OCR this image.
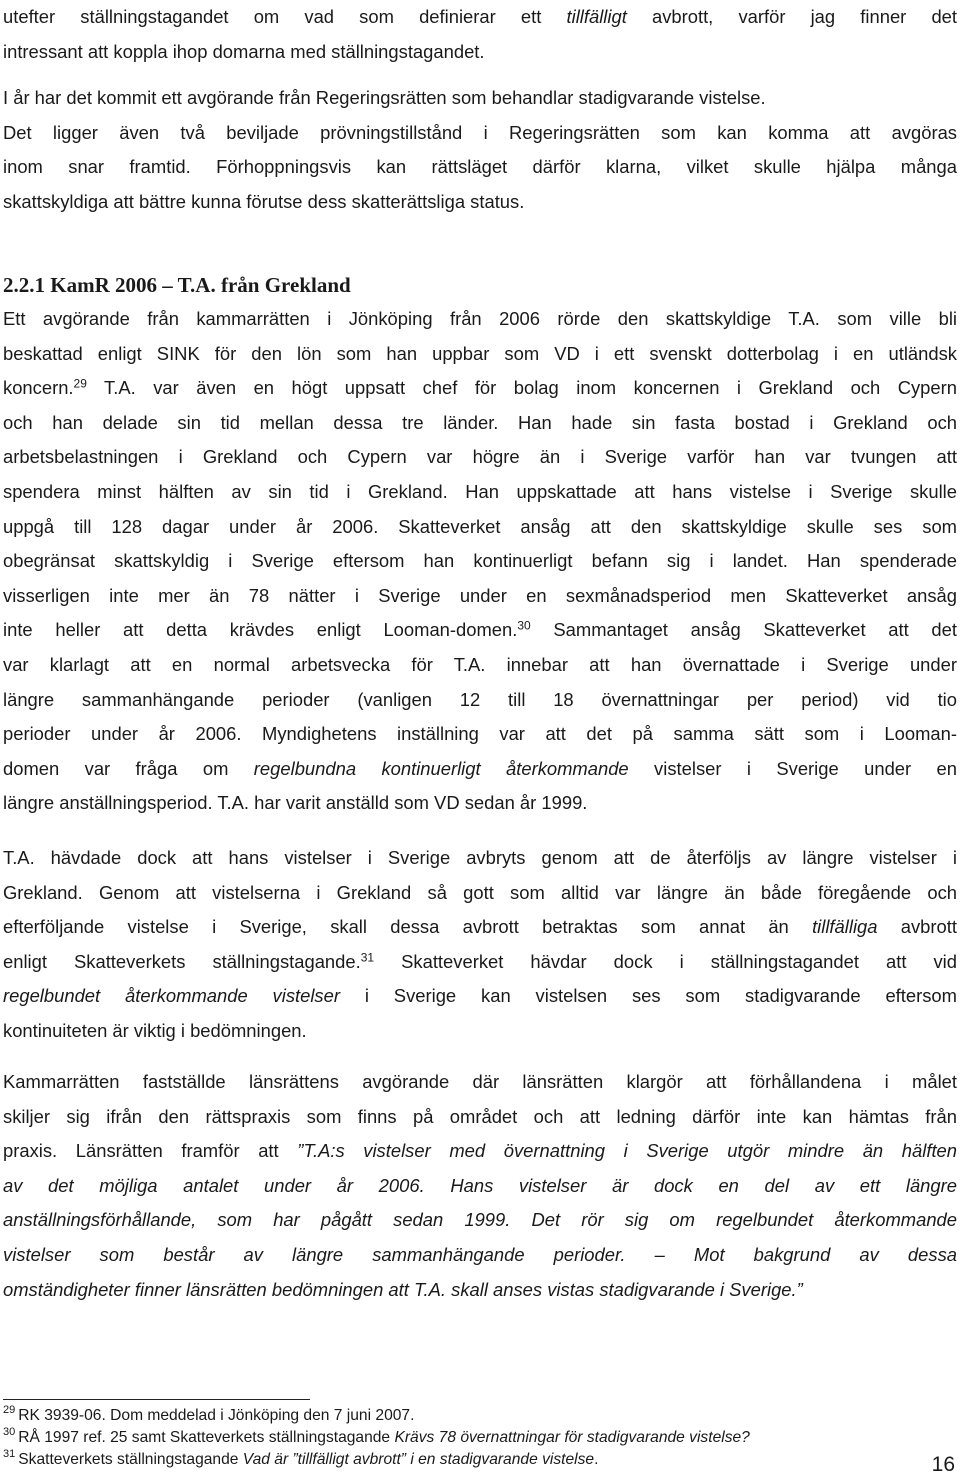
utefter ställningstagandet om vad som definierar ett tillfälligt avbrott, varför jag finner det
intressant att koppla ihop domarna med ställningstagandet.
I år har det kommit ett avgörande från Regeringsrätten som behandlar stadigvarande vistelse.
Det ligger även två beviljade prövningstillstånd i Regeringsrätten som kan komma att avgöras
inom snar framtid. Förhoppningsvis kan rättsläget därför klarna, vilket skulle hjälpa många
skattskyldiga att bättre kunna förutse dess skatterättsliga status.
2.2.1 KamR 2006 – T.A. från Grekland
Ett avgörande från kammarrätten i Jönköping från 2006 rörde den skattskyldige T.A. som ville bli
beskattad enligt SINK för den lön som han uppbar som VD i ett svenskt dotterbolag i en utländsk
koncern.$^{29}$ T.A. var även en högt uppsatt chef för bolag inom koncernen i Grekland och Cypern
och han delade sin tid mellan dessa tre länder. Han hade sin fasta bostad i Grekland och
arbetsbelastningen i Grekland och Cypern var högre än i Sverige varför han var tvungen att
spendera minst hälften av sin tid i Grekland. Han uppskattade att hans vistelse i Sverige skulle
uppgå till 128 dagar under år 2006. Skatteverket ansåg att den skattskyldige skulle ses som
obegränsat skattskyldig i Sverige eftersom han kontinuerligt befann sig i landet. Han spenderade
visserligen inte mer än 78 nätter i Sverige under en sexmånadsperiod men Skatteverket ansåg
inte heller att detta krävdes enligt Looman-domen.$^{30}$ Sammantaget ansåg Skatteverket att det
var klarlagt att en normal arbetsvecka för T.A. innebar att han övernattade i Sverige under
längre sammanhängande perioder (vanligen 12 till 18 övernattningar per period) vid tio
perioder under år 2006. Myndighetens inställning var att det på samma sätt som i Looman-
domen var fråga om regelbundna kontinuerligt återkommande vistelser i Sverige under en
längre anställningsperiod. T.A. har varit anställd som VD sedan år 1999.
T.A. hävdade dock att hans vistelser i Sverige avbryts genom att de återföljs av längre vistelser i
Grekland. Genom att vistelserna i Grekland så gott som alltid var längre än både föregående och
efterföljande vistelse i Sverige, skall dessa avbrott betraktas som annat än tillfälliga avbrott
enligt Skatteverkets ställningstagande.$^{31}$ Skatteverket hävdar dock i ställningstagandet att vid
regelbundet återkommande vistelser i Sverige kan vistelsen ses som stadigvarande eftersom
kontinuiteten är viktig i bedömningen.
Kammarrätten fastställde länsrättens avgörande där länsrätten klargör att förhållandena i målet
skiljer sig ifrån den rättspraxis som finns på området och att ledning därför inte kan hämtas från
praxis. Länsrätten framför att ”T.A:s vistelser med övernattning i Sverige utgör mindre än hälften
av det möjliga antalet under år 2006. Hans vistelser är dock en del av ett längre
anställningsförhållande, som har pågått sedan 1999. Det rör sig om regelbundet återkommande
vistelser som består av längre sammanhängande perioder. – Mot bakgrund av dessa
omständigheter finner länsrätten bedömningen att T.A. skall anses vistas stadigvarande i Sverige.”
$^{29}$ RK 3939-06. Dom meddelad i Jönköping den 7 juni 2007.
$^{30}$ RÅ 1997 ref. 25 samt Skatteverkets ställningstagande Krävs 78 övernattningar för stadigvarande vistelse?
$^{31}$ Skatteverkets ställningstagande Vad är ”tillfälligt avbrott” i en stadigvarande vistelse.	16
